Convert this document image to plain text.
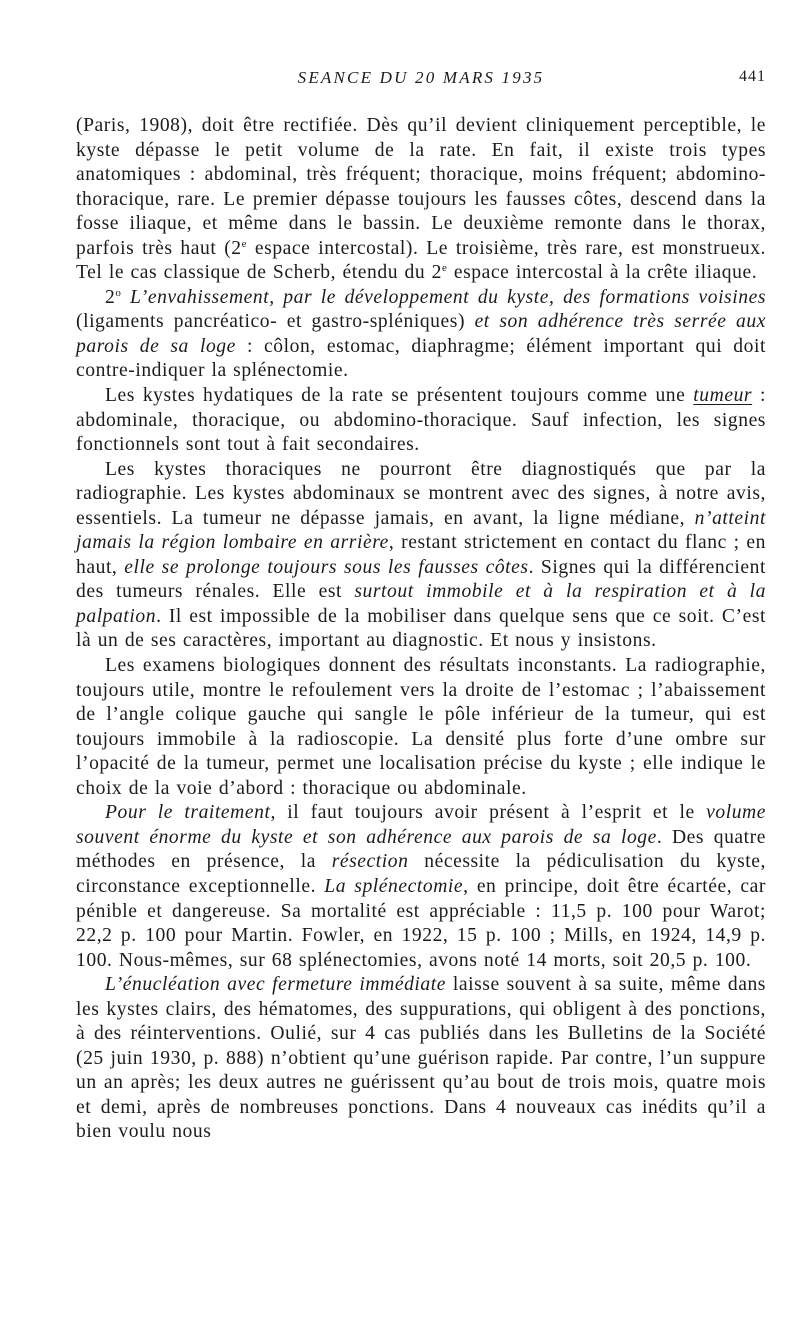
SEANCE DU 20 MARS 1935	441

(Paris, 1908), doit être rectifiée. Dès qu’il devient cliniquement perceptible, le kyste dépasse le petit volume de la rate. En fait, il existe trois types anatomiques : abdominal, très fréquent; thoracique, moins fréquent; abdomino-thoracique, rare. Le premier dépasse toujours les fausses côtes, descend dans la fosse iliaque, et même dans le bassin. Le deuxième remonte dans le thorax, parfois très haut (2e espace intercostal). Le troisième, très rare, est monstrueux. Tel le cas classique de Scherb, étendu du 2e espace intercostal à la crête iliaque.

2$^o$ L’envahissement, par le développement du kyste, des formations voisines (ligaments pancréatico- et gastro-spléniques) et son adhérence très serrée aux parois de sa loge : côlon, estomac, diaphragme; élément important qui doit contre-indiquer la splénectomie.

Les kystes hydatiques de la rate se présentent toujours comme une tumeur : abdominale, thoracique, ou abdomino-thoracique. Sauf infection, les signes fonctionnels sont tout à fait secondaires.

Les kystes thoraciques ne pourront être diagnostiqués que par la radiographie. Les kystes abdominaux se montrent avec des signes, à notre avis, essentiels. La tumeur ne dépasse jamais, en avant, la ligne médiane, n’atteint jamais la région lombaire en arrière, restant strictement en contact du flanc ; en haut, elle se prolonge toujours sous les fausses côtes. Signes qui la différencient des tumeurs rénales. Elle est surtout immobile et à la respiration et à la palpation. Il est impossible de la mobiliser dans quelque sens que ce soit. C’est là un de ses caractères, important au diagnostic. Et nous y insistons.

Les examens biologiques donnent des résultats inconstants. La radiographie, toujours utile, montre le refoulement vers la droite de l’estomac ; l’abaissement de l’angle colique gauche qui sangle le pôle inférieur de la tumeur, qui est toujours immobile à la radioscopie. La densité plus forte d’une ombre sur l’opacité de la tumeur, permet une localisation précise du kyste ; elle indique le choix de la voie d’abord : thoracique ou abdominale.

Pour le traitement, il faut toujours avoir présent à l’esprit et le volume souvent énorme du kyste et son adhérence aux parois de sa loge. Des quatre méthodes en présence, la résection nécessite la pédiculisation du kyste, circonstance exceptionnelle. La splénectomie, en principe, doit être écartée, car pénible et dangereuse. Sa mortalité est appréciable : 11,5 p. 100 pour Warot; 22,2 p. 100 pour Martin. Fowler, en 1922, 15 p. 100 ; Mills, en 1924, 14,9 p. 100. Nous-mêmes, sur 68 splénectomies, avons noté 14 morts, soit 20,5 p. 100.

L’énucléation avec fermeture immédiate laisse souvent à sa suite, même dans les kystes clairs, des hématomes, des suppurations, qui obligent à des ponctions, à des réinterventions. Oulié, sur 4 cas publiés dans les Bulletins de la Société (25 juin 1930, p. 888) n’obtient qu’une guérison rapide. Par contre, l’un suppure un an après; les deux autres ne guérissent qu’au bout de trois mois, quatre mois et demi, après de nombreuses ponctions. Dans 4 nouveaux cas inédits qu’il a bien voulu nous
